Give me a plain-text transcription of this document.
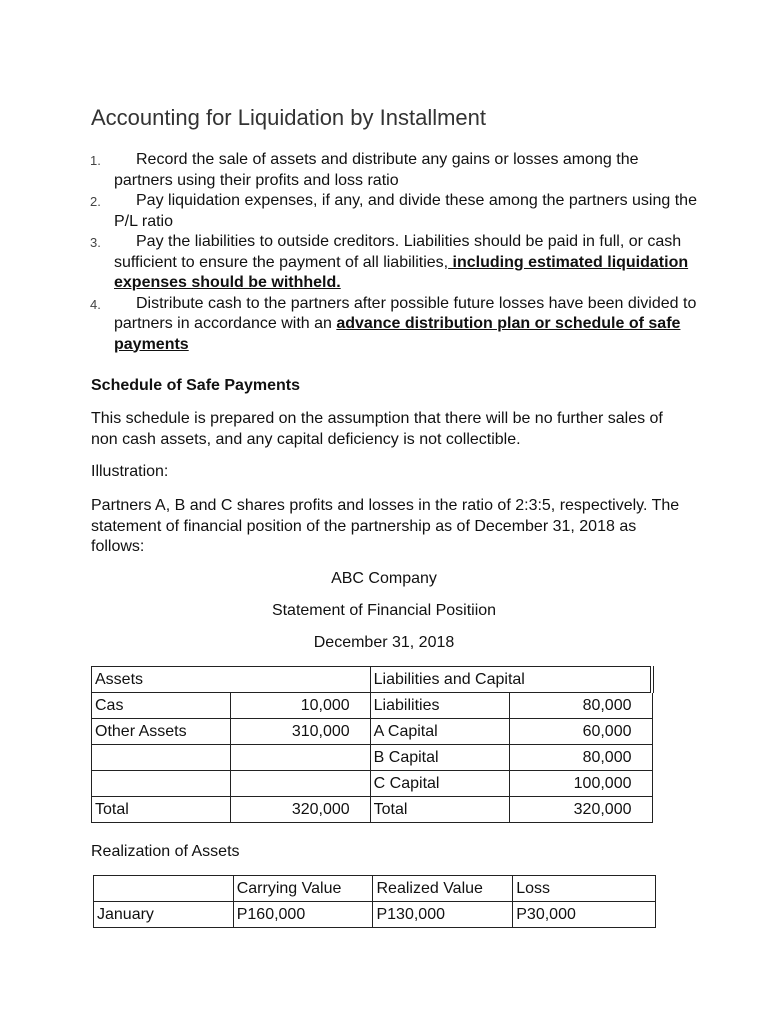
Accounting for Liquidation by Installment
1. Record the sale of assets and distribute any gains or losses among the partners using their profits and loss ratio
2. Pay liquidation expenses, if any, and divide these among the partners using the P/L ratio
3. Pay the liabilities to outside creditors. Liabilities should be paid in full, or cash sufficient to ensure the payment of all liabilities, including estimated liquidation expenses should be withheld.
4. Distribute cash to the partners after possible future losses have been divided to partners in accordance with an advance distribution plan or schedule of safe payments
Schedule of Safe Payments
This schedule is prepared on the assumption that there will be no further sales of non cash assets, and any capital deficiency is not collectible.
Illustration:
Partners A, B and C shares profits and losses in the ratio of 2:3:5, respectively. The statement of financial position of the partnership as of December 31, 2018 as follows:
ABC Company
Statement of Financial Positiion
December 31, 2018
Assets		Liabilities and Capital	
Cas	10,000	Liabilities	80,000
Other Assets	310,000	A Capital	60,000
		B Capital	80,000
		C Capital	100,000
Total	320,000	Total	320,000
Realization of Assets
	Carrying Value	Realized Value	Loss
January	P160,000	P130,000	P30,000
